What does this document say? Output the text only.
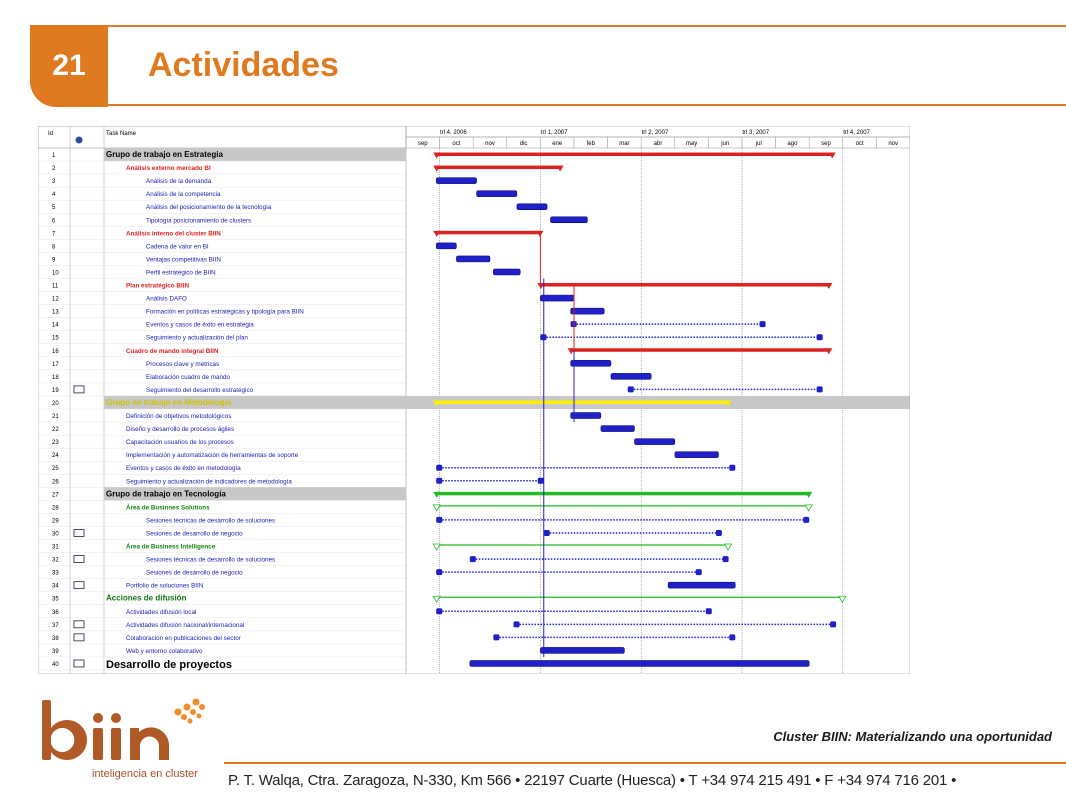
21	Actividades
Id	Task Name	trl 4, 2006	trl 1, 2007	trl 2, 2007	trl 3, 2007	trl 4, 2007
sep	oct	nov	dic	ene	feb	mar	abr	may	jun	jul	ago	sep	oct	nov
1	Grupo de trabajo en Estrategia
2	Análisis externo mercado BI
3	Análisis de la demanda
4	Análisis de la competencia
5	Análisis del posicionamiento de la tecnología
6	Tipología posicionamiento de clusters
7	Análisis interno del cluster BIIN
8	Cadena de valor en BI
9	Ventajas competitivas BIIN
10	Perfil estratégico de BIIN
11	Plan estratégico BIIN
12	Análisis DAFO
13	Formación en políticas estratégicas y tipología para BIIN
14	Eventos y casos de éxito en estrategia
15	Seguimiento y actualización del plan
16	Cuadro de mando integral BIIN
17	Procesos clave y métricas
18	Elaboración cuadro de mando
19	Seguimiento del desarrollo estratégico
20	Grupo de trabajo en Metodología
21	Definición de objetivos metodológicos
22	Diseño y desarrollo de procesos ágiles
23	Capacitación usuarios de los procesos
24	Implementación y automatización de herramientas de soporte
25	Eventos y casos de éxito en metodología
26	Seguimiento y actualización de indicadores de metodología
27	Grupo de trabajo en Tecnología
28	Área de Businnes Solutions
29	Sesiones técnicas de desarrollo de soluciones
30	Sesiones de desarrollo de negocio
31	Área de Business Intelligence
32	Sesiones técnicas de desarrollo de soluciones
33	Sesiones de desarrollo de negocio
34	Portfolio de soluciones BIIN
35	Acciones de difusión
36	Actividades difusión local
37	Actividades difusión nacional/internacional
38	Colaboración en publicaciones del sector
39	Web y entorno colaborativo
40	Desarrollo de proyectos
inteligencia en cluster
Cluster BIIN: Materializando una oportunidad
P. T. Walqa, Ctra. Zaragoza, N-330, Km 566 • 22197 Cuarte (Huesca) • T +34 974 215 491 • F +34 974 716 201 •
